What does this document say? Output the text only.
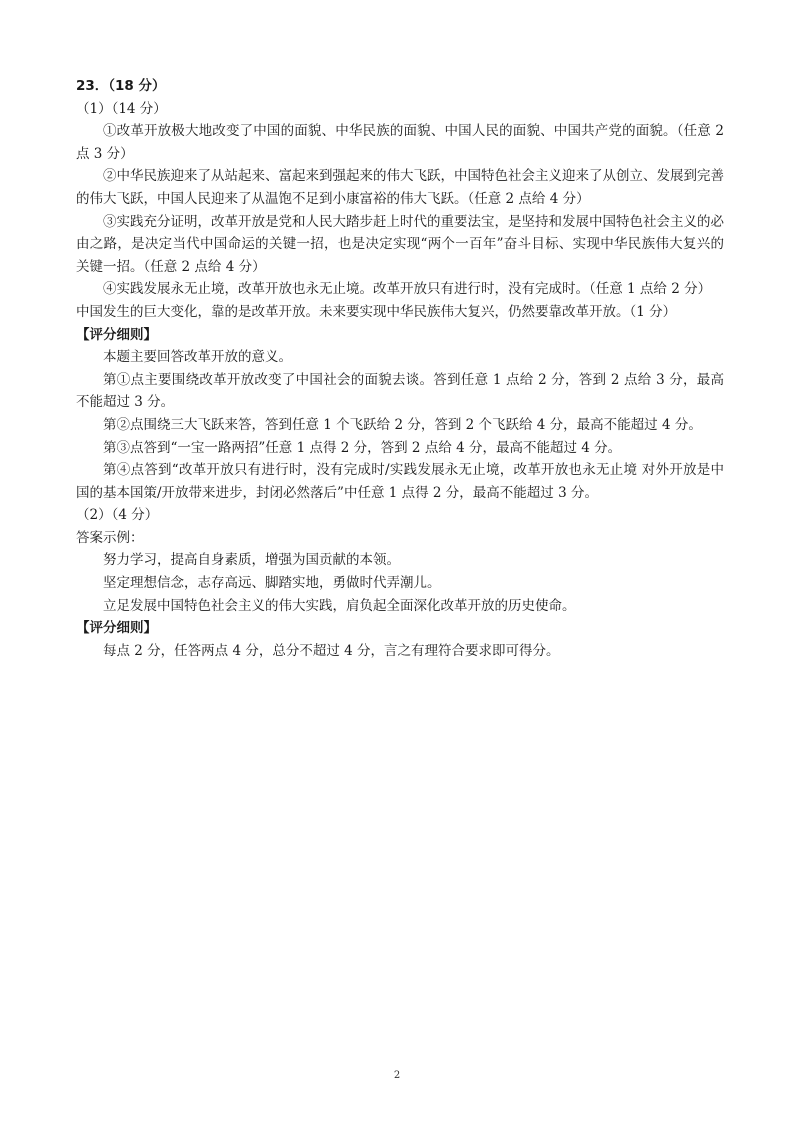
23．（18 分）
（1）（14 分）
①改革开放极大地改变了中国的面貌、中华民族的面貌、中国人民的面貌、中国共产党的面貌。（任意 2 点 3 分）
②中华民族迎来了从站起来、富起来到强起来的伟大飞跃，中国特色社会主义迎来了从创立、发展到完善的伟大飞跃，中国人民迎来了从温饱不足到小康富裕的伟大飞跃。（任意 2 点给 4 分）
③实践充分证明，改革开放是党和人民大踏步赶上时代的重要法宝，是坚持和发展中国特色社会主义的必由之路，是决定当代中国命运的关键一招，也是决定实现“两个一百年”奋斗目标、实现中华民族伟大复兴的关键一招。（任意 2 点给 4 分）
④实践发展永无止境，改革开放也永无止境。改革开放只有进行时，没有完成时。（任意 1 点给 2 分）
中国发生的巨大变化，靠的是改革开放。未来要实现中华民族伟大复兴，仍然要靠改革开放。（1 分）
【评分细则】
本题主要回答改革开放的意义。
第①点主要围绕改革开放改变了中国社会的面貌去谈。答到任意 1 点给 2 分，答到 2 点给 3 分，最高不能超过 3 分。
第②点围绕三大飞跃来答，答到任意 1 个飞跃给 2 分，答到 2 个飞跃给 4 分，最高不能超过 4 分。
第③点答到“一宝一路两招”任意 1 点得 2 分，答到 2 点给 4 分，最高不能超过 4 分。
第④点答到“改革开放只有进行时，没有完成时/实践发展永无止境，改革开放也永无止境 对外开放是中国的基本国策/开放带来进步，封闭必然落后”中任意 1 点得 2 分，最高不能超过 3 分。
（2）（4 分）
答案示例：
努力学习，提高自身素质，增强为国贡献的本领。
坚定理想信念，志存高远、脚踏实地，勇做时代弄潮儿。
立足发展中国特色社会主义的伟大实践，肩负起全面深化改革开放的历史使命。
【评分细则】
每点 2 分，任答两点 4 分，总分不超过 4 分，言之有理符合要求即可得分。
2
